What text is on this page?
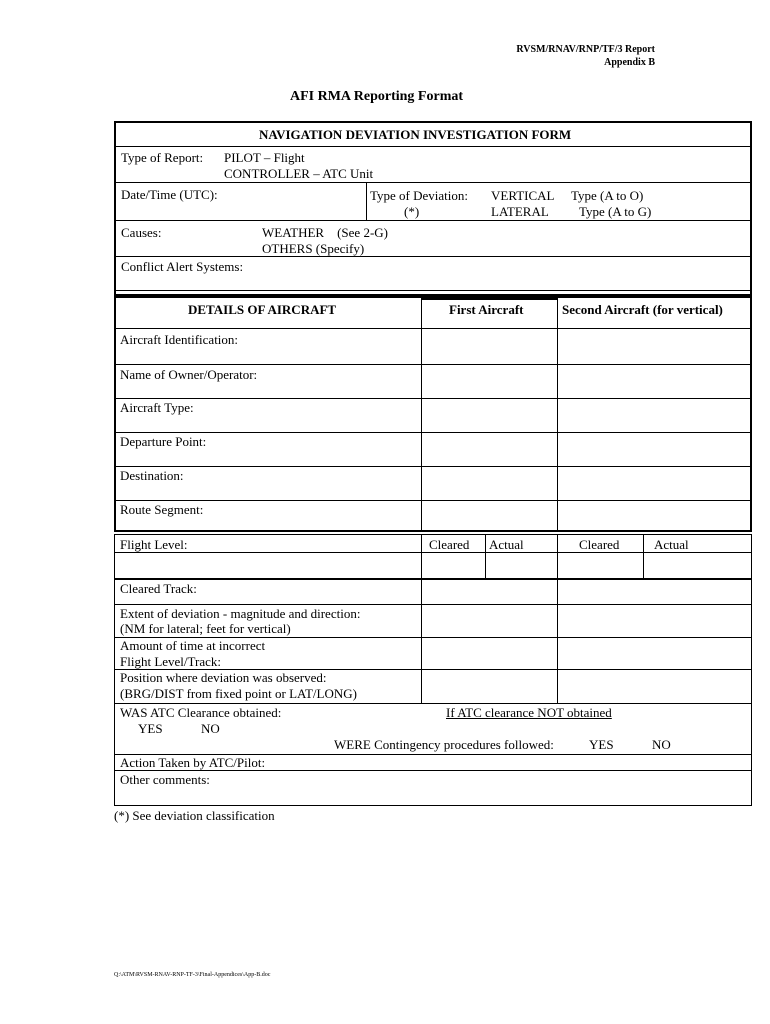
RVSM/RNAV/RNP/TF/3 Report
Appendix B
AFI RMA Reporting Format
NAVIGATION DEVIATION INVESTIGATION FORM
Type of Report: PILOT – Flight
CONTROLLER – ATC Unit
Date/Time (UTC):	Type of Deviation:
(*)
VERTICAL Type (A to O)
LATERAL Type (A to G)
Causes:	WEATHER    (See 2-G)
OTHERS (Specify)
Conflict Alert Systems:
DETAILS OF AIRCRAFT	First Aircraft	Second Aircraft (for vertical)
Aircraft Identification:
Name of Owner/Operator:
Aircraft Type:
Departure Point:
Destination:
Route Segment:
Flight Level:	Cleared Actual	Cleared	Actual
Cleared Track:
Extent of deviation - magnitude and direction:
(NM for lateral; feet for vertical)
Amount of time at incorrect
Flight Level/Track:
Position where deviation was observed:
(BRG/DIST from fixed point or LAT/LONG)
WAS ATC Clearance obtained:
YES	NO
If ATC clearance NOT obtained
WERE Contingency procedures followed:	YES	NO
Action Taken by ATC/Pilot:
Other comments:
(*) See deviation classification
Q:\ATM\RVSM-RNAV-RNP-TF-3\Final-Appendices\App-B.doc
